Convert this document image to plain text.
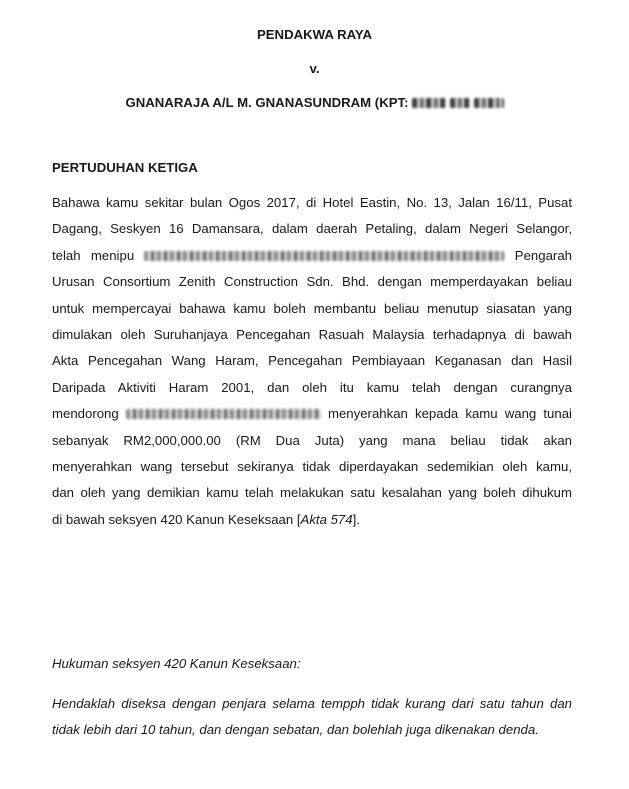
PENDAKWA RAYA
v.
GNANARAJA A/L M. GNANASUNDRAM (KPT:
PERTUDUHAN KETIGA
Bahawa kamu sekitar bulan Ogos 2017, di Hotel Eastin, No. 13, Jalan 16/11, Pusat
Dagang, Seskyen 16 Damansara, dalam daerah Petaling, dalam Negeri Selangor,
telah menipu	Pengarah
Urusan Consortium Zenith Construction Sdn. Bhd. dengan memperdayakan beliau
untuk mempercayai bahawa kamu boleh membantu beliau menutup siasatan yang
dimulakan oleh Suruhanjaya Pencegahan Rasuah Malaysia terhadapnya di bawah
Akta Pencegahan Wang Haram, Pencegahan Pembiayaan Keganasan dan Hasil
Daripada Aktiviti Haram 2001, dan oleh itu kamu telah dengan curangnya
mendorong	menyerahkan kepada kamu wang tunai
sebanyak RM2,000,000.00 (RM Dua Juta) yang mana beliau tidak akan
menyerahkan wang tersebut sekiranya tidak diperdayakan sedemikian oleh kamu,
dan oleh yang demikian kamu telah melakukan satu kesalahan yang boleh dihukum
di bawah seksyen 420 Kanun Keseksaan [Akta 574].
Hukuman seksyen 420 Kanun Keseksaan:
Hendaklah diseksa dengan penjara selama tempph tidak kurang dari satu tahun dan
tidak lebih dari 10 tahun, dan dengan sebatan, dan bolehlah juga dikenakan denda.
